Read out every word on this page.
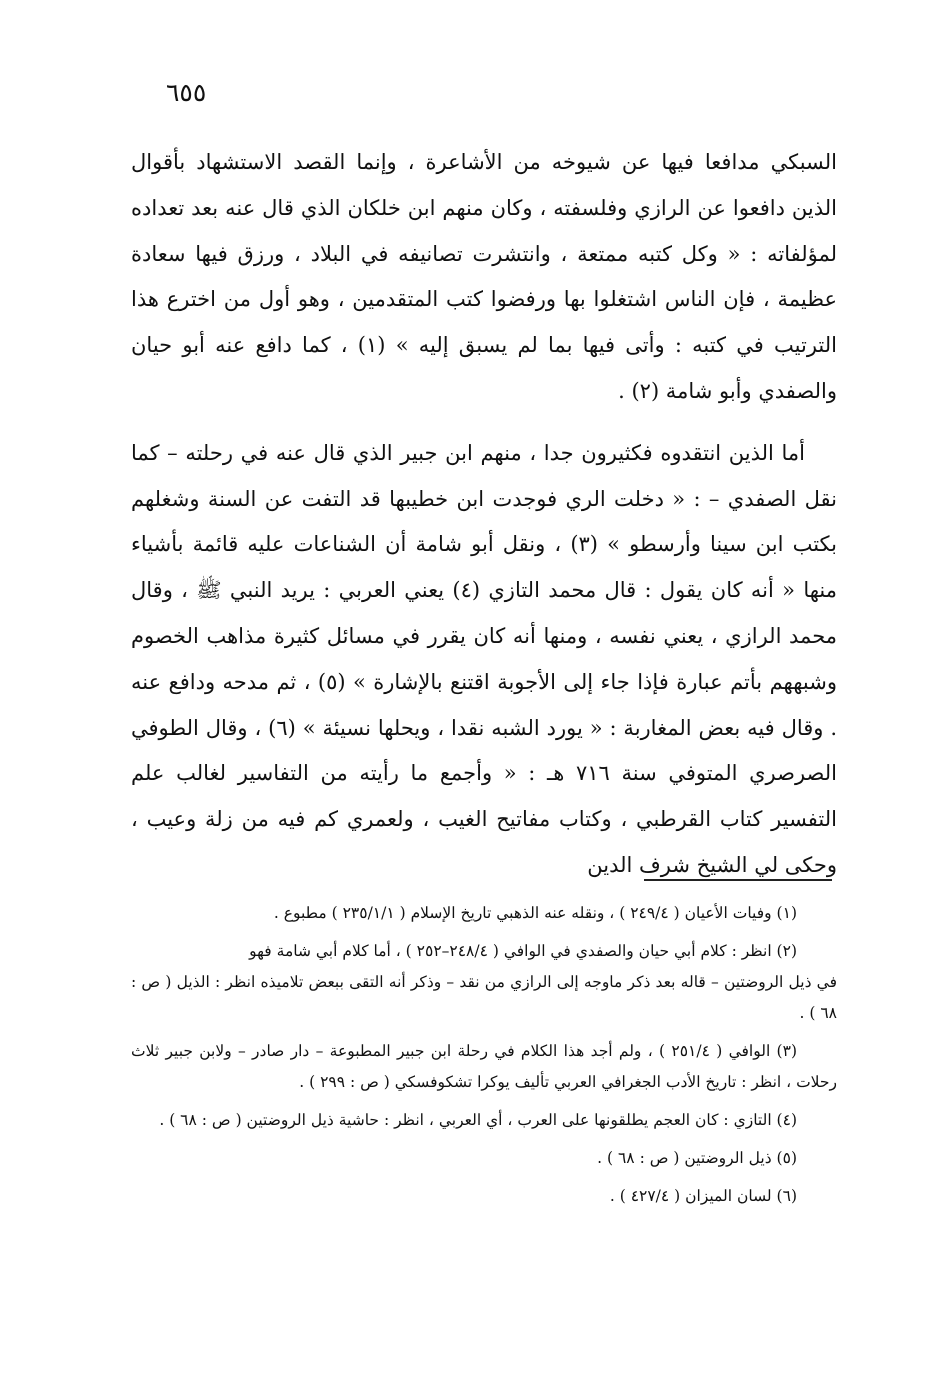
٦٥٥

السبكي مدافعا فيها عن شيوخه من الأشاعرة ، وإنما القصد الاستشهاد بأقوال الذين دافعوا عن الرازي وفلسفته ، وكان منهم ابن خلكان الذي قال عنه بعد تعداده لمؤلفاته : « وكل كتبه ممتعة ، وانتشرت تصانيفه في البلاد ، ورزق فيها سعادة عظيمة ، فإن الناس اشتغلوا بها ورفضوا كتب المتقدمين ، وهو أول من اخترع هذا الترتيب في كتبه : وأتى فيها بما لم يسبق إليه » (١) ، كما دافع عنه أبو حيان والصفدي وأبو شامة (٢) .

أما الذين انتقدوه فكثيرون جدا ، منهم ابن جبير الذي قال عنه في رحلته – كما نقل الصفدي – : « دخلت الري فوجدت ابن خطيبها قد التفت عن السنة وشغلهم بكتب ابن سينا وأرسطو » (٣) ، ونقل أبو شامة أن الشناعات عليه قائمة بأشياء منها « أنه كان يقول : قال محمد التازي (٤) يعني العربي : يريد النبي ﷺ ، وقال محمد الرازي ، يعني نفسه ، ومنها أنه كان يقرر في مسائل كثيرة مذاهب الخصوم وشبههم بأتم عبارة فإذا جاء إلى الأجوبة اقتنع بالإشارة » (٥) ، ثم مدحه ودافع عنه . وقال فيه بعض المغاربة : « يورد الشبه نقدا ، ويحلها نسيئة » (٦) ، وقال الطوفي الصرصري المتوفي سنة ٧١٦ هـ : « وأجمع ما رأيته من التفاسير لغالب علم التفسير كتاب القرطبي ، وكتاب مفاتيح الغيب ، ولعمري كم فيه من زلة وعيب ، وحكى لي الشيخ شرف الدين

(١) وفيات الأعيان ( ٢٤٩/٤ ) ، ونقله عنه الذهبي تاريخ الإسلام ( ٢٣٥/١/١ ) مطبوع .

(٢) انظر : كلام أبي حيان والصفدي في الوافي ( ٢٤٨/٤–٢٥٢ ) ، أما كلام أبي شامة فهو

في ذيل الروضتين – قاله بعد ذكر ماوجه إلى الرازي من نقد – وذكر أنه التقى ببعض تلاميذه انظر : الذيل ( ص : ٦٨ ) .

(٣) الوافي ( ٢٥١/٤ ) ، ولم أجد هذا الكلام في رحلة ابن جبير المطبوعة – دار صادر – ولابن جبير ثلاث رحلات ، انظر : تاريخ الأدب الجغرافي العربي تأليف يوكرا تشكوفسكي ( ص : ٢٩٩ ) .

(٤) التازي : كان العجم يطلقونها على العرب ، أي العربي ، انظر : حاشية ذيل الروضتين ( ص : ٦٨ ) .

(٥) ذيل الروضتين ( ص : ٦٨ ) .

(٦) لسان الميزان ( ٤٢٧/٤ ) .
